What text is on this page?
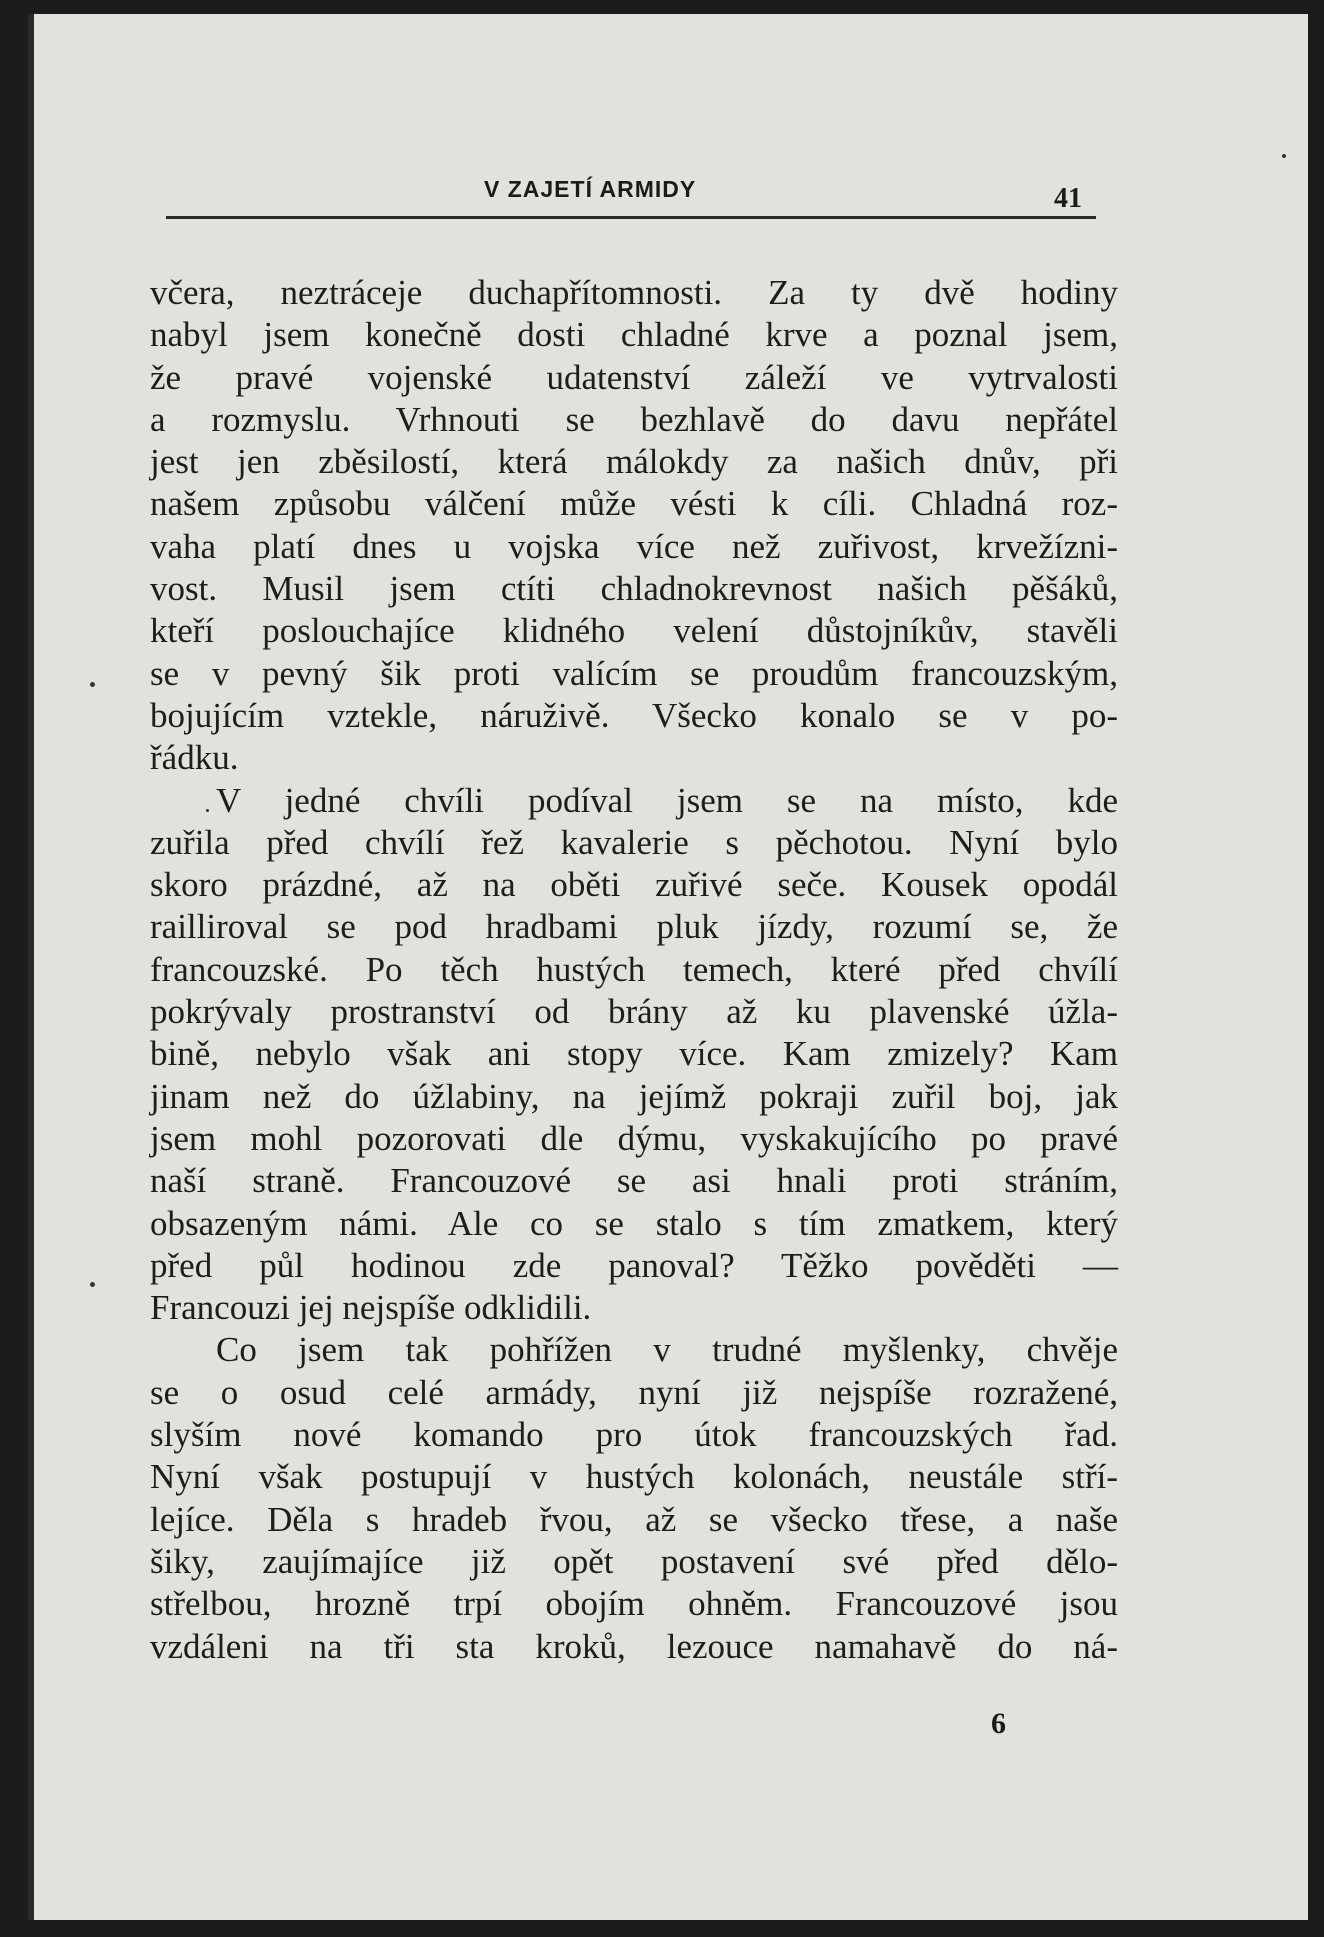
V ZAJETÍ ARMIDY	41
včera, neztráceje duchapřítomnosti. Za ty dvě hodiny
nabyl jsem konečně dosti chladné krve a poznal jsem,
že pravé vojenské udatenství záleží ve vytrvalosti
a rozmyslu. Vrhnouti se bezhlavě do davu nepřátel
jest jen zběsilostí, která málokdy za našich dnův, při
našem způsobu válčení může vésti k cíli. Chladná roz-
vaha platí dnes u vojska více než zuřivost, krvežízni-
vost. Musil jsem ctíti chladnokrevnost našich pěšáků,
kteří poslouchajíce klidného velení důstojníkův, stavěli
se v pevný šik proti valícím se proudům francouzským,
bojujícím vztekle, náruživě. Všecko konalo se v po-
řádku.
V jedné chvíli podíval jsem se na místo, kde
zuřila před chvílí řež kavalerie s pěchotou. Nyní bylo
skoro prázdné, až na oběti zuřivé seče. Kousek opodál
railliroval se pod hradbami pluk jízdy, rozumí se, že
francouzské. Po těch hustých temech, které před chvílí
pokrývaly prostranství od brány až ku plavenské úžla-
bině, nebylo však ani stopy více. Kam zmizely? Kam
jinam než do úžlabiny, na jejímž pokraji zuřil boj, jak
jsem mohl pozorovati dle dýmu, vyskakujícího po pravé
naší straně. Francouzové se asi hnali proti stráním,
obsazeným námi. Ale co se stalo s tím zmatkem, který
před půl hodinou zde panoval? Těžko pověděti —
Francouzi jej nejspíše odklidili.
Co jsem tak pohřížen v trudné myšlenky, chvěje
se o osud celé armády, nyní již nejspíše rozražené,
slyším nové komando pro útok francouzských řad.
Nyní však postupují v hustých kolonách, neustále stří-
lejíce. Děla s hradeb řvou, až se všecko třese, a naše
šiky, zaujímajíce již opět postavení své před dělo-
střelbou, hrozně trpí obojím ohněm. Francouzové jsou
vzdáleni na tři sta kroků, lezouce namahavě do ná-
6
